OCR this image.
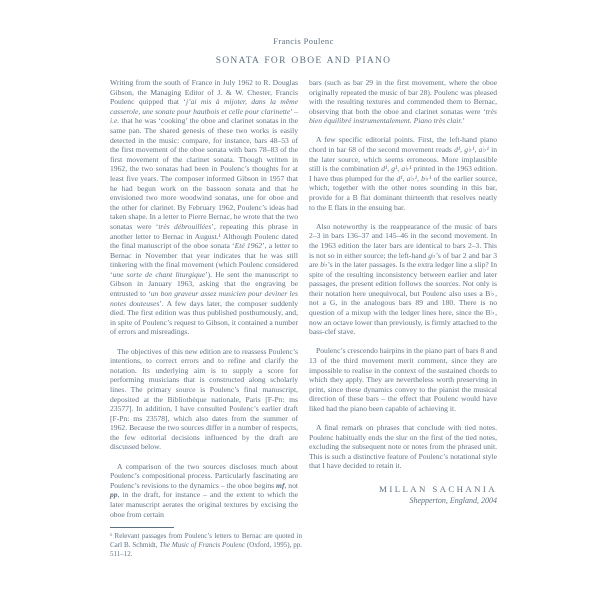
Francis Poulenc
SONATA FOR OBOE AND PIANO

Writing from the south of France in July 1962 to R. Douglas Gibson, the Managing Editor of J. & W. Chester, Francis Poulenc quipped that ‘j’ai mis à mijoter, dans la même casserole, une sonate pour hautbois et celle pour clarinette’ – i.e. that he was ‘cooking’ the oboe and clarinet sonatas in the same pan. The shared genesis of these two works is easily detected in the music: compare, for instance, bars 48–53 of the first movement of the oboe sonata with bars 78–83 of the first movement of the clarinet sonata. Though written in 1962, the two sonatas had been in Poulenc’s thoughts for at least five years. The composer informed Gibson in 1957 that he had begun work on the bassoon sonata and that he envisioned two more woodwind sonatas, one for oboe and the other for clarinet. By February 1962, Poulenc’s ideas had taken shape. In a letter to Pierre Bernac, he wrote that the two sonatas were ‘très débrouillées’, repeating this phrase in another letter to Bernac in August.¹ Although Poulenc dated the final manuscript of the oboe sonata ‘Eté 1962’, a letter to Bernac in November that year indicates that he was still tinkering with the final movement (which Poulenc considered ‘une sorte de chant liturgique’). He sent the manuscript to Gibson in January 1963, asking that the engraving be entrusted to ‘un bon graveur assez musicien pour deviner les notes douteuses’. A few days later, the composer suddenly died. The first edition was thus published posthumously, and, in spite of Poulenc’s request to Gibson, it contained a number of errors and misreadings.

The objectives of this new edition are to reassess Poulenc’s intentions, to correct errors and to refine and clarify the notation. Its underlying aim is to supply a score for performing musicians that is constructed along scholarly lines. The primary source is Poulenc’s final manuscript, deposited at the Bibliothèque nationale, Paris [F-Pn: ms 23577]. In addition, I have consulted Poulenc’s earlier draft [F-Pn: ms 23578], which also dates from the summer of 1962. Because the two sources differ in a number of respects, the few editorial decisions influenced by the draft are discussed below.

A comparison of the two sources discloses much about Poulenc’s compositional process. Particularly fascinating are Poulenc’s revisions to the dynamics – the oboe begins mf, not pp, in the draft, for instance – and the extent to which the later manuscript aerates the original textures by excising the oboe from certain

bars (such as bar 29 in the first movement, where the oboe originally repeated the music of bar 28). Poulenc was pleased with the resulting textures and commended them to Bernac, observing that both the oboe and clarinet sonatas were ‘très bien équilibré instrumentalement. Piano très clair.’

A few specific editorial points. First, the left-hand piano chord in bar 68 of the second movement reads d¹, g♭¹, a♭¹ in the later source, which seems erroneous. More implausible still is the combination d¹, g¹, a♭¹ printed in the 1963 edition. I have thus plumped for the d¹, a♭¹, b♭¹ of the earlier source, which, together with the other notes sounding in this bar, provide for a B flat dominant thirteenth that resolves neatly to the E flats in the ensuing bar.

Also noteworthy is the reappearance of the music of bars 2–3 in bars 136–37 and 145–46 in the second movement. In the 1963 edition the later bars are identical to bars 2–3. This is not so in either source; the left-hand g♭’s of bar 2 and bar 3 are b♭’s in the later passages. Is the extra ledger line a slip? In spite of the resulting inconsistency between earlier and later passages, the present edition follows the sources. Not only is their notation here unequivocal, but Poulenc also uses a B♭, not a G, in the analogous bars 89 and 180. There is no question of a mixup with the ledger lines here, since the B♭, now an octave lower than previously, is firmly attached to the bass-clef stave.

Poulenc’s crescendo hairpins in the piano part of bars 8 and 13 of the third movement merit comment, since they are impossible to realise in the context of the sustained chords to which they apply. They are nevertheless worth preserving in print, since these dynamics convey to the pianist the musical direction of these bars – the effect that Poulenc would have liked had the piano been capable of achieving it.

A final remark on phrases that conclude with tied notes. Poulenc habitually ends the slur on the first of the tied notes, excluding the subsequent note or notes from the phrased unit. This is such a distinctive feature of Poulenc’s notational style that I have decided to retain it.

MILLAN SACHANIA
Shepperton, England, 2004

¹ Relevant passages from Poulenc’s letters to Bernac are quoted in Carl B. Schmidt, The Music of Francis Poulenc (Oxford, 1995), pp. 511–12.
